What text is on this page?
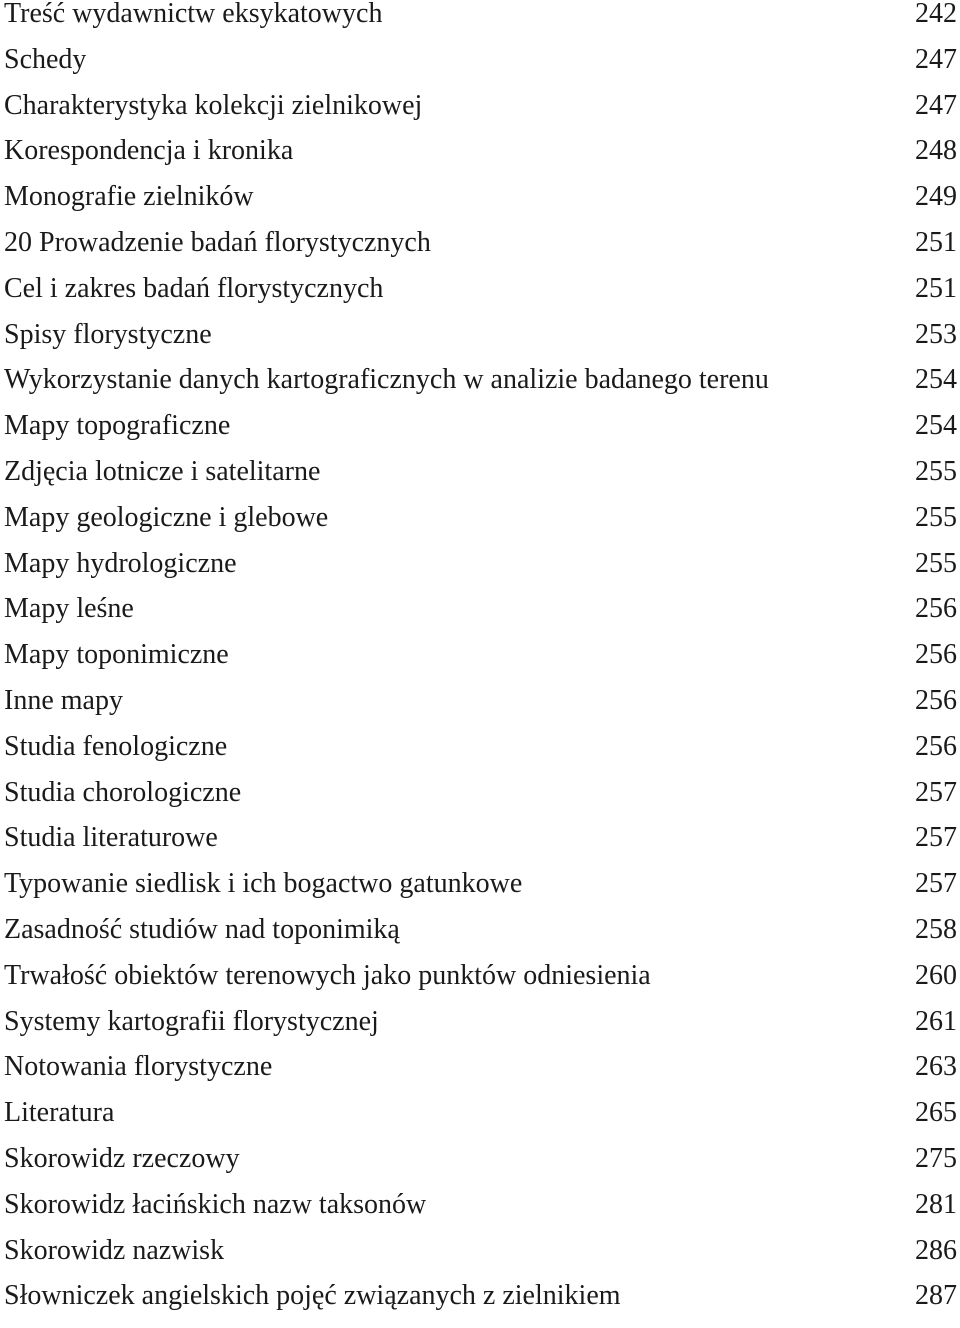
Treść wydawnictw eksykatowych	242
Schedy	247
Charakterystyka kolekcji zielnikowej	247
Korespondencja i kronika	248
Monografie zielników	249
20 Prowadzenie badań florystycznych	251
Cel i zakres badań florystycznych	251
Spisy florystyczne	253
Wykorzystanie danych kartograficznych w analizie badanego terenu	254
Mapy topograficzne	254
Zdjęcia lotnicze i satelitarne	255
Mapy geologiczne i glebowe	255
Mapy hydrologiczne	255
Mapy leśne	256
Mapy toponimiczne	256
Inne mapy	256
Studia fenologiczne	256
Studia chorologiczne	257
Studia literaturowe	257
Typowanie siedlisk i ich bogactwo gatunkowe	257
Zasadność studiów nad toponimiką	258
Trwałość obiektów terenowych jako punktów odniesienia	260
Systemy kartografii florystycznej	261
Notowania florystyczne	263
Literatura	265
Skorowidz rzeczowy	275
Skorowidz łacińskich nazw taksonów	281
Skorowidz nazwisk	286
Słowniczek angielskich pojęć związanych z zielnikiem	287
